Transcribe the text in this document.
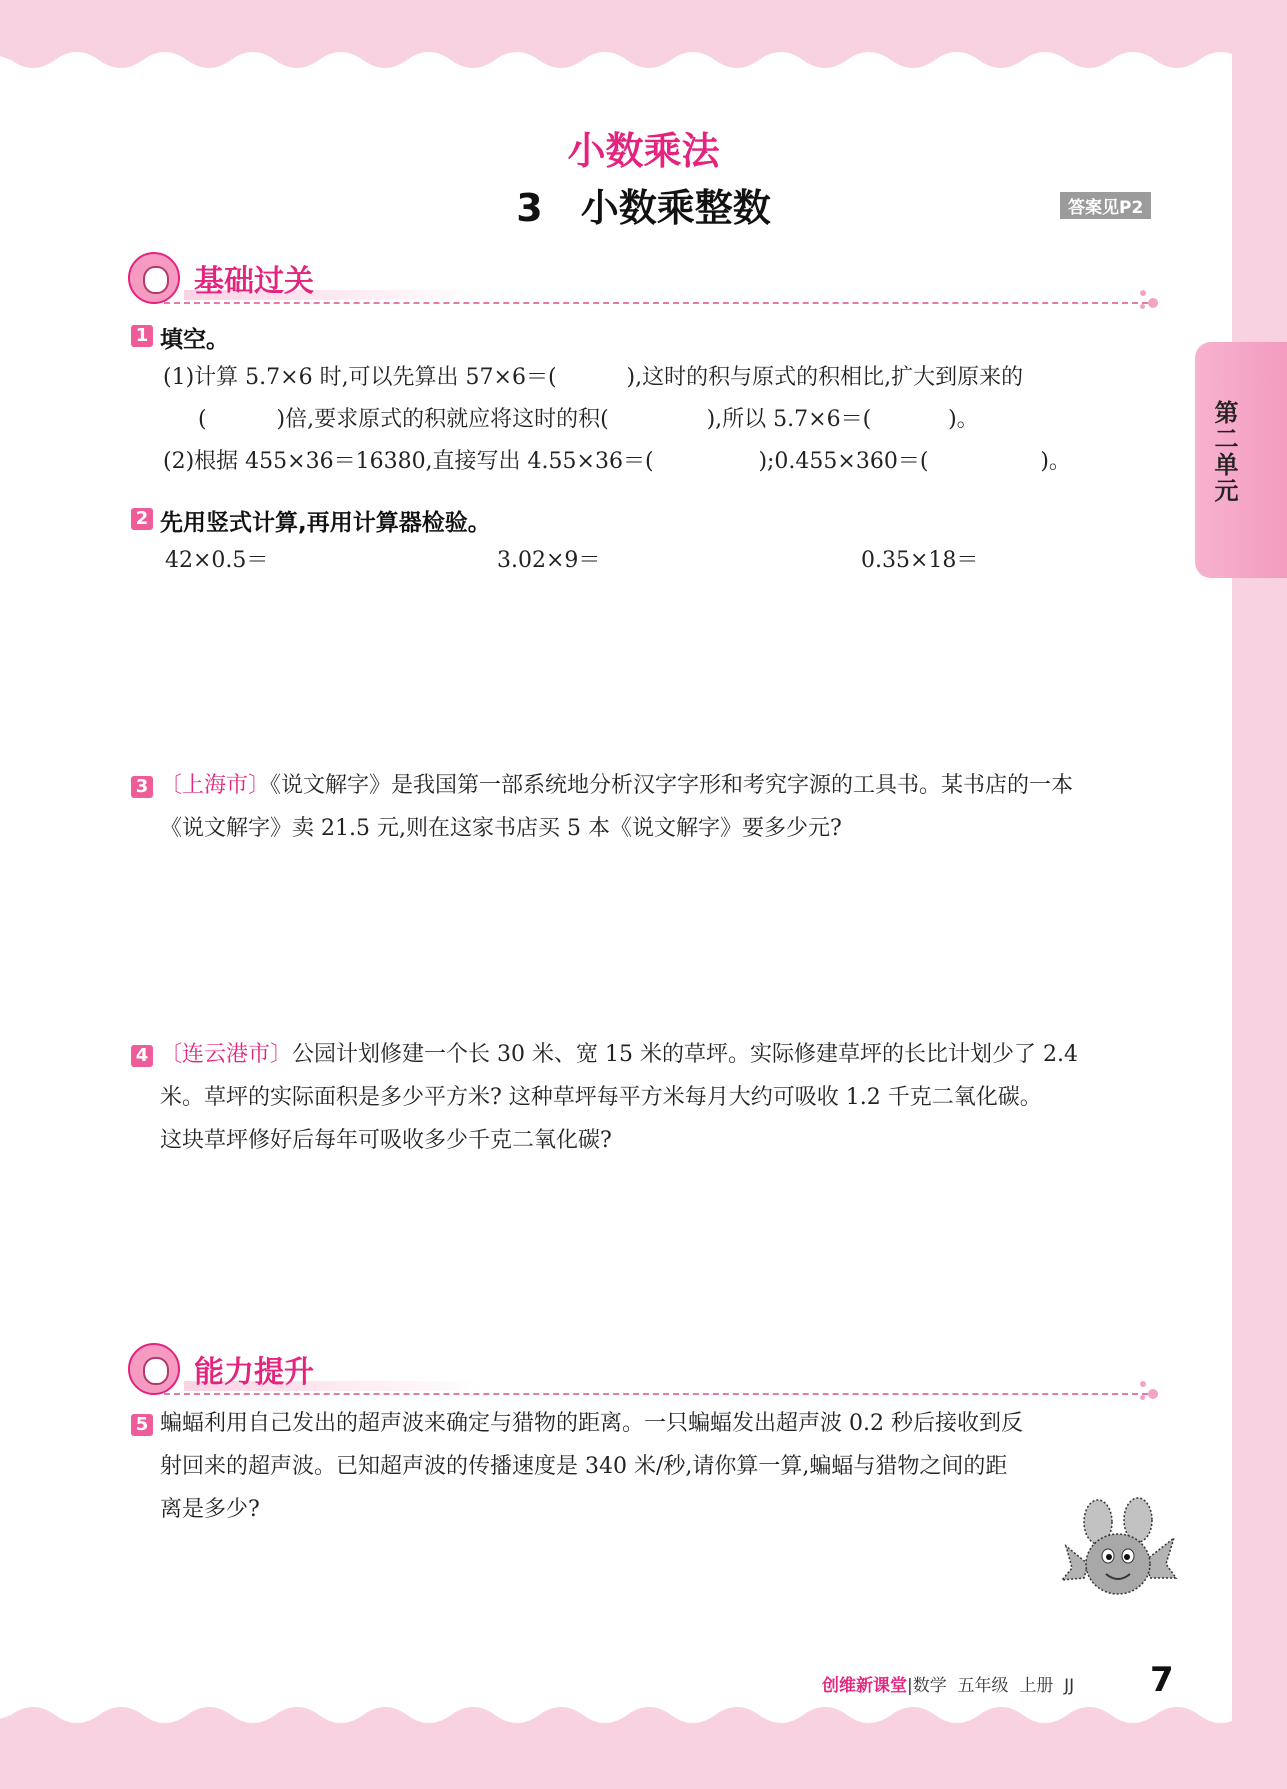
第二单元
小数乘法
3　小数乘整数	答案见P2
基础过关
1 填空。
(1)计算 5.7×6 时,可以先算出 57×6＝(          ),这时的积与原式的积相比,扩大到原来的
(          )倍,要求原式的积就应将这时的积(              ),所以 5.7×6＝(           )。
(2)根据 455×36＝16380,直接写出 4.55×36＝(               );0.455×360＝(                )。
2 先用竖式计算,再用计算器检验。
42×0.5＝	3.02×9＝	0.35×18＝
3 〔上海市〕《说文解字》是我国第一部系统地分析汉字字形和考究字源的工具书。某书店的一本
《说文解字》卖 21.5 元,则在这家书店买 5 本《说文解字》要多少元?
4 〔连云港市〕公园计划修建一个长 30 米、宽 15 米的草坪。实际修建草坪的长比计划少了 2.4
米。草坪的实际面积是多少平方米? 这种草坪每平方米每月大约可吸收 1.2 千克二氧化碳。
这块草坪修好后每年可吸收多少千克二氧化碳?
能力提升
5 蝙蝠利用自己发出的超声波来确定与猎物的距离。一只蝙蝠发出超声波 0.2 秒后接收到反
射回来的超声波。已知超声波的传播速度是 340 米/秒,请你算一算,蝙蝠与猎物之间的距
离是多少?
创维新课堂|数学  五年级  上册  JJ 7
